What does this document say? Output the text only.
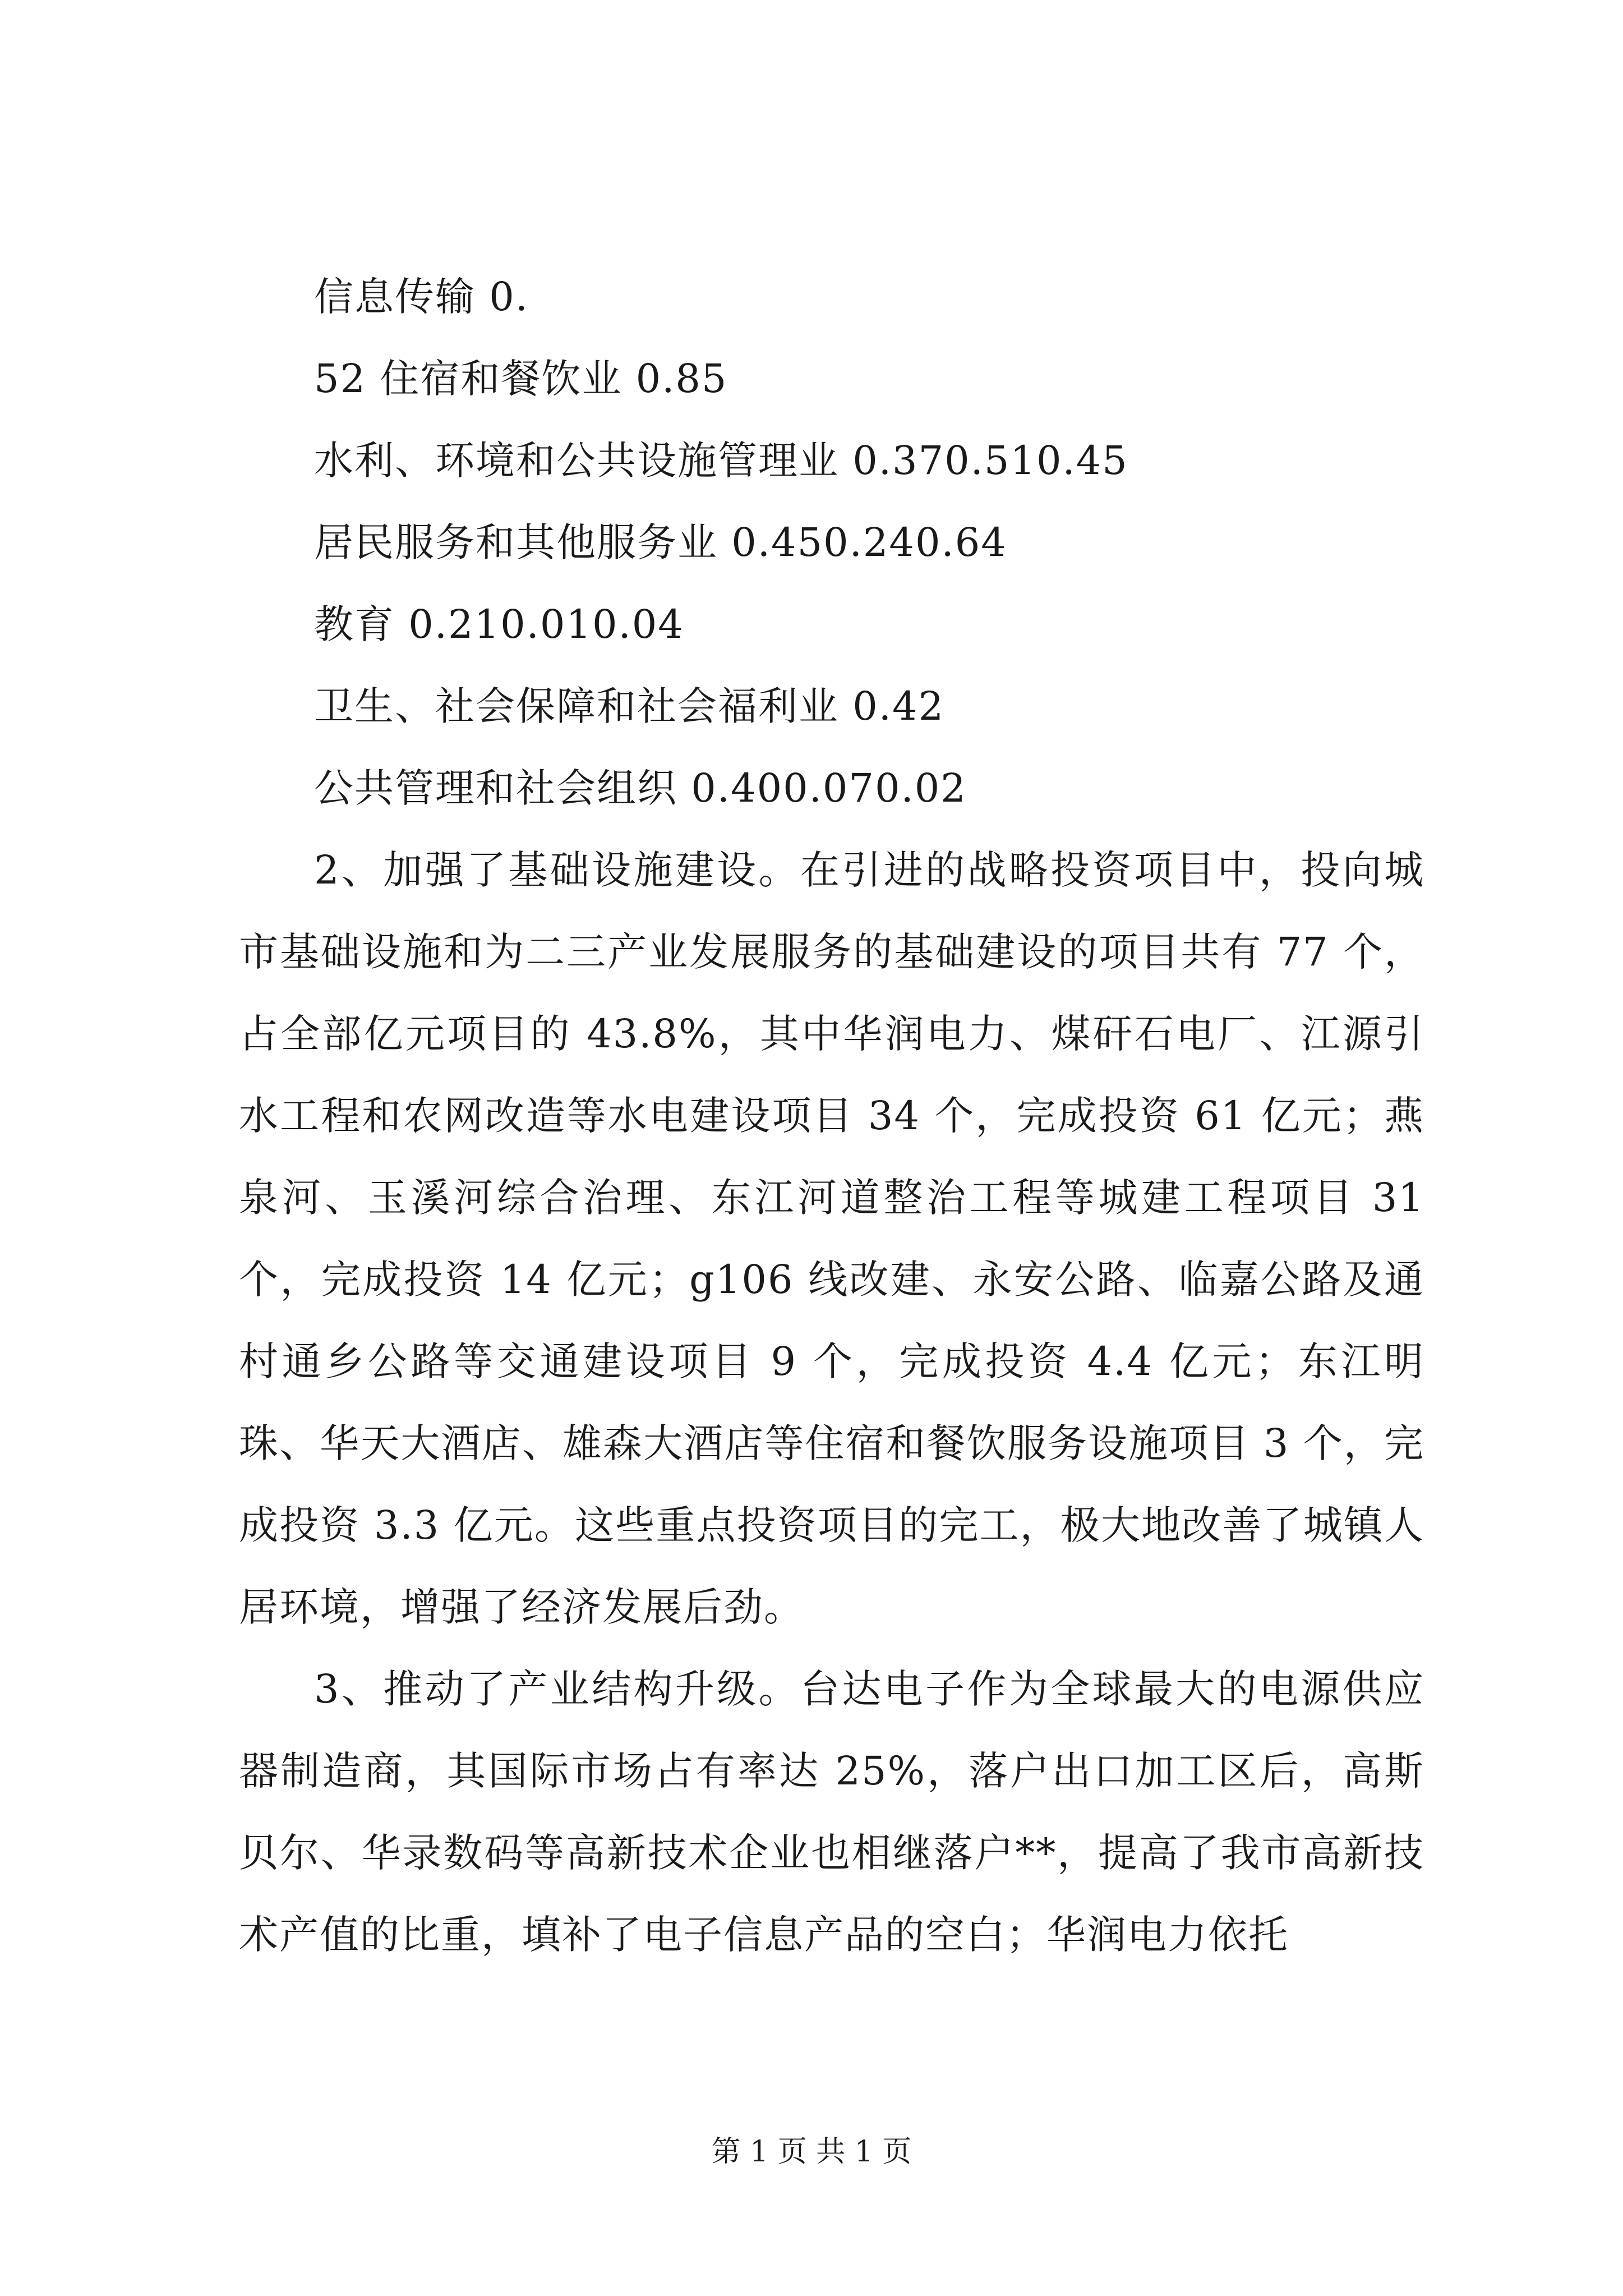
信息传输 0.

52 住宿和餐饮业 0.85

水利、环境和公共设施管理业 0.370.510.45

居民服务和其他服务业 0.450.240.64

教育 0.210.010.04

卫生、社会保障和社会福利业 0.42

公共管理和社会组织 0.400.070.02

2、加强了基础设施建设。在引进的战略投资项目中，投向城市基础设施和为二三产业发展服务的基础建设的项目共有 77 个，占全部亿元项目的 43.8%，其中华润电力、煤矸石电厂、江源引水工程和农网改造等水电建设项目 34 个，完成投资 61 亿元；燕泉河、玉溪河综合治理、东江河道整治工程等城建工程项目 31 个，完成投资 14 亿元；g106 线改建、永安公路、临嘉公路及通村通乡公路等交通建设项目 9 个，完成投资 4.4 亿元；东江明珠、华天大酒店、雄森大酒店等住宿和餐饮服务设施项目 3 个，完成投资 3.3 亿元。这些重点投资项目的完工，极大地改善了城镇人居环境，增强了经济发展后劲。

3、推动了产业结构升级。台达电子作为全球最大的电源供应器制造商，其国际市场占有率达 25%，落户出口加工区后，高斯贝尔、华录数码等高新技术企业也相继落户**，提高了我市高新技术产值的比重，填补了电子信息产品的空白；华润电力依托

第 1 页 共 1 页
